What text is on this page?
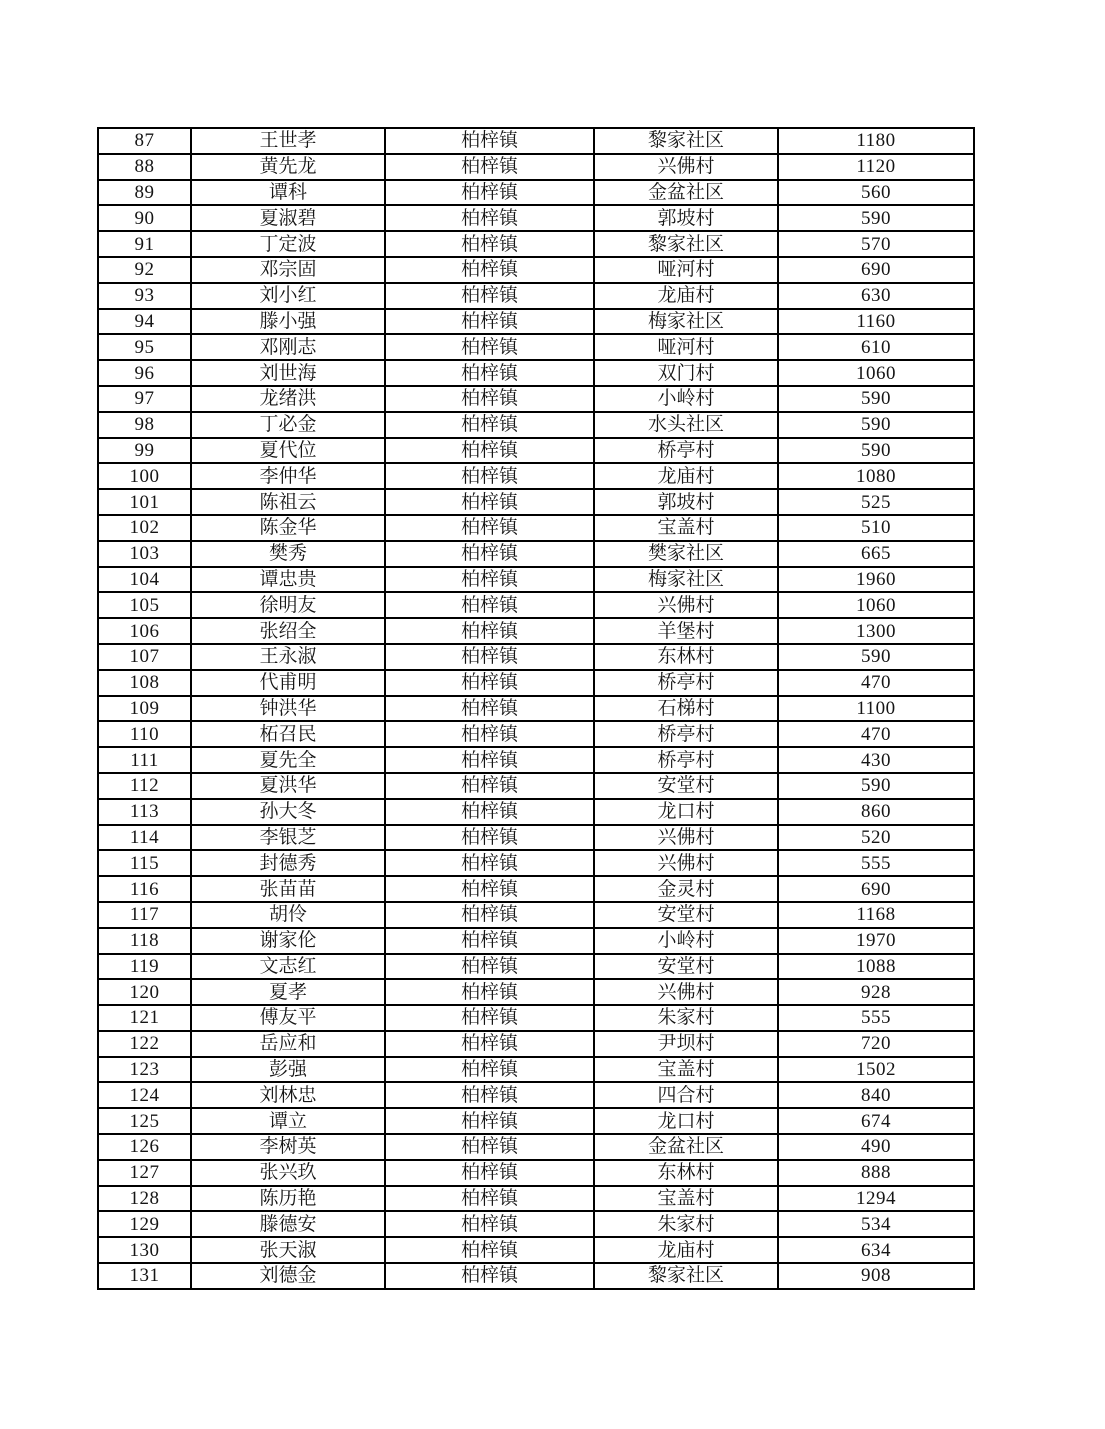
87	王世孝	柏梓镇	黎家社区	1180
88	黄先龙	柏梓镇	兴佛村	1120
89	谭科	柏梓镇	金盆社区	560
90	夏淑碧	柏梓镇	郭坡村	590
91	丁定波	柏梓镇	黎家社区	570
92	邓宗固	柏梓镇	哑河村	690
93	刘小红	柏梓镇	龙庙村	630
94	滕小强	柏梓镇	梅家社区	1160
95	邓刚志	柏梓镇	哑河村	610
96	刘世海	柏梓镇	双门村	1060
97	龙绪洪	柏梓镇	小岭村	590
98	丁必金	柏梓镇	水头社区	590
99	夏代位	柏梓镇	桥亭村	590
100	李仲华	柏梓镇	龙庙村	1080
101	陈祖云	柏梓镇	郭坡村	525
102	陈金华	柏梓镇	宝盖村	510
103	樊秀	柏梓镇	樊家社区	665
104	谭忠贵	柏梓镇	梅家社区	1960
105	徐明友	柏梓镇	兴佛村	1060
106	张绍全	柏梓镇	羊堡村	1300
107	王永淑	柏梓镇	东林村	590
108	代甫明	柏梓镇	桥亭村	470
109	钟洪华	柏梓镇	石梯村	1100
110	柘召民	柏梓镇	桥亭村	470
111	夏先全	柏梓镇	桥亭村	430
112	夏洪华	柏梓镇	安堂村	590
113	孙大冬	柏梓镇	龙口村	860
114	李银芝	柏梓镇	兴佛村	520
115	封德秀	柏梓镇	兴佛村	555
116	张苗苗	柏梓镇	金灵村	690
117	胡伶	柏梓镇	安堂村	1168
118	谢家伦	柏梓镇	小岭村	1970
119	文志红	柏梓镇	安堂村	1088
120	夏孝	柏梓镇	兴佛村	928
121	傅友平	柏梓镇	朱家村	555
122	岳应和	柏梓镇	尹坝村	720
123	彭强	柏梓镇	宝盖村	1502
124	刘林忠	柏梓镇	四合村	840
125	谭立	柏梓镇	龙口村	674
126	李树英	柏梓镇	金盆社区	490
127	张兴玖	柏梓镇	东林村	888
128	陈历艳	柏梓镇	宝盖村	1294
129	滕德安	柏梓镇	朱家村	534
130	张天淑	柏梓镇	龙庙村	634
131	刘德金	柏梓镇	黎家社区	908
